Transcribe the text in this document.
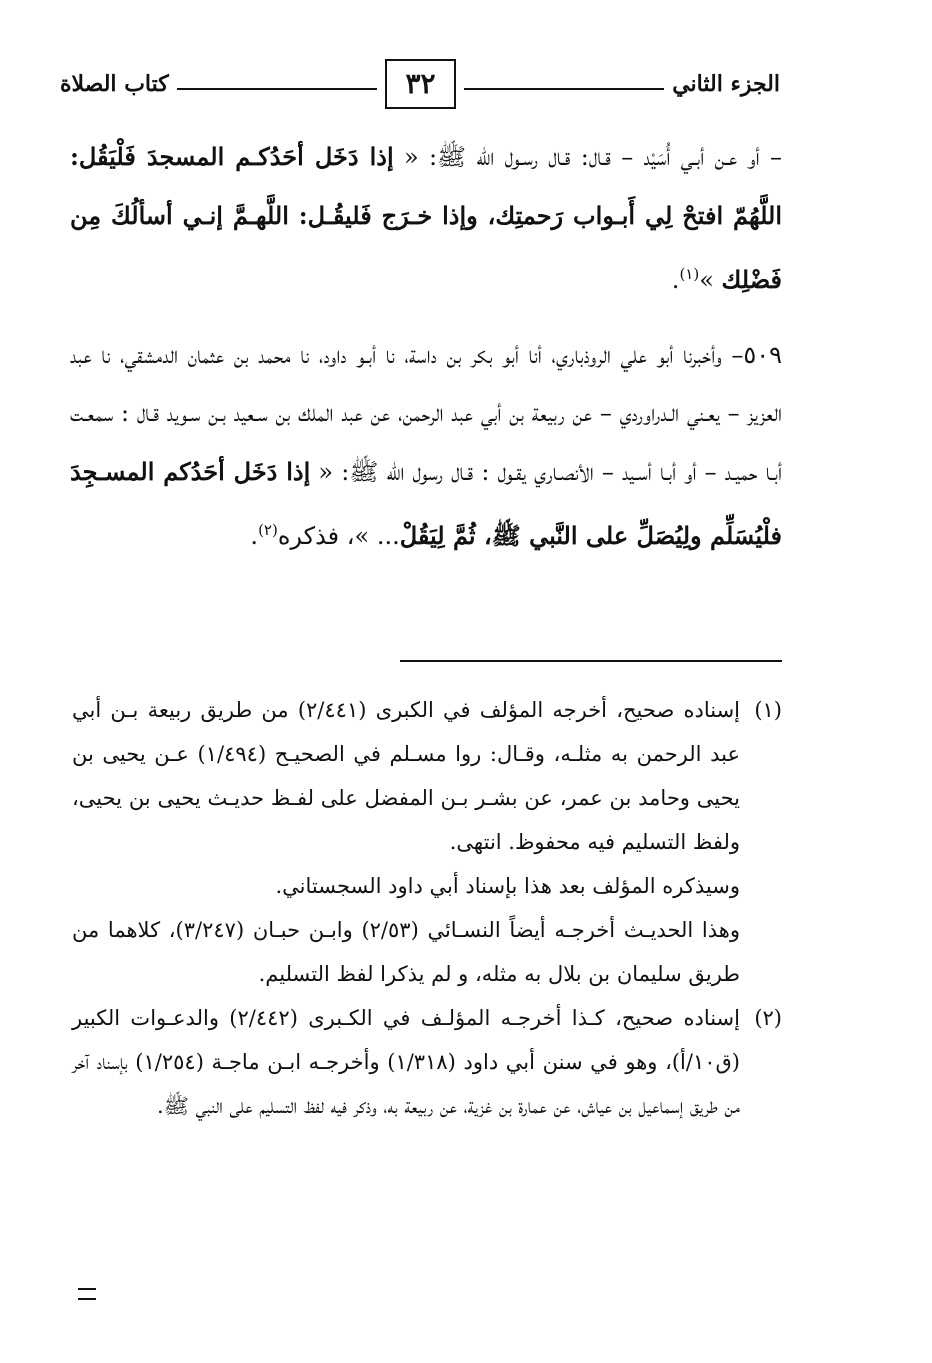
الجزء الثاني
٣٢
كتاب الصلاة

– أو عـن أبـي أُسَيْد – قـال: قـال رسـول الله ﷺ: « إذا دَخَل أحَدُكـم المسجدَ فَلْيَقُل: اللَّهُمّ افتحْ لِي أَبـواب رَحمتِك، وإذا خـرَج فَليقُـل: اللَّهـمَّ إنـي أسألُكَ مِن فَضْلِك »$^{(١)}$.

٥٠٩– وأخبرنا أبو علي الروذباري، أنا أبو بكر بن داسة، نا أبـو داود، نا محمد بن عثمان الدمشقي، نا عبد العزيز – يعـني الـدراوردي – عن ربيعة بن أبي عبد الرحمن، عن عبد الملك بن سـعيد بـن سـويد قـال : سمعـت أبـا حميـد – أو أبـا أسـيد – الأنصـاري يقـول : قـال رسول الله ﷺ: « إذا دَخَل أحَدُكم المسـجِدَ فلْيُسَلِّم ولِيُصَلِّ على النَّبي ﷺ، ثُمَّ لِيَقُلْ... »، فذكره$^{(٢)}$.

(١)
إسناده صحيح، أخرجه المؤلف في الكبرى (٢/٤٤١) من طريق ربيعة بـن أبي عبد الرحمن به مثلـه، وقـال: روا مسـلم في الصحيـح (١/٤٩٤) عـن يحيى بن يحيى وحامد بن عمر، عن بشـر بـن المفضل على لفـظ حديـث يحيى بن يحيى، ولفظ التسليم فيه محفوظ. انتهى.
وسيذكره المؤلف بعد هذا بإسناد أبي داود السجستاني.
وهذا الحديـث أخرجـه أيضاً النسـائي (٢/٥٣) وابـن حبـان (٣/٢٤٧)، كلاهما من طريق سليمان بن بلال به مثله، و لم يذكرا لفظ التسليم.
(٢)
إسناده صحيح، كـذا أخرجـه المؤلـف في الكـبرى (٢/٤٤٢) والدعـوات الكبير (ق١٠/أ)، وهو في سنن أبي داود (١/٣١٨) وأخرجـه ابـن ماجـة (١/٢٥٤) بإسناد آخر من طريق إسماعيل بن عياش، عن عمارة بن غزية، عن ربيعة به، وذكر فيه لفظ التسليم على النبي ﷺ.
